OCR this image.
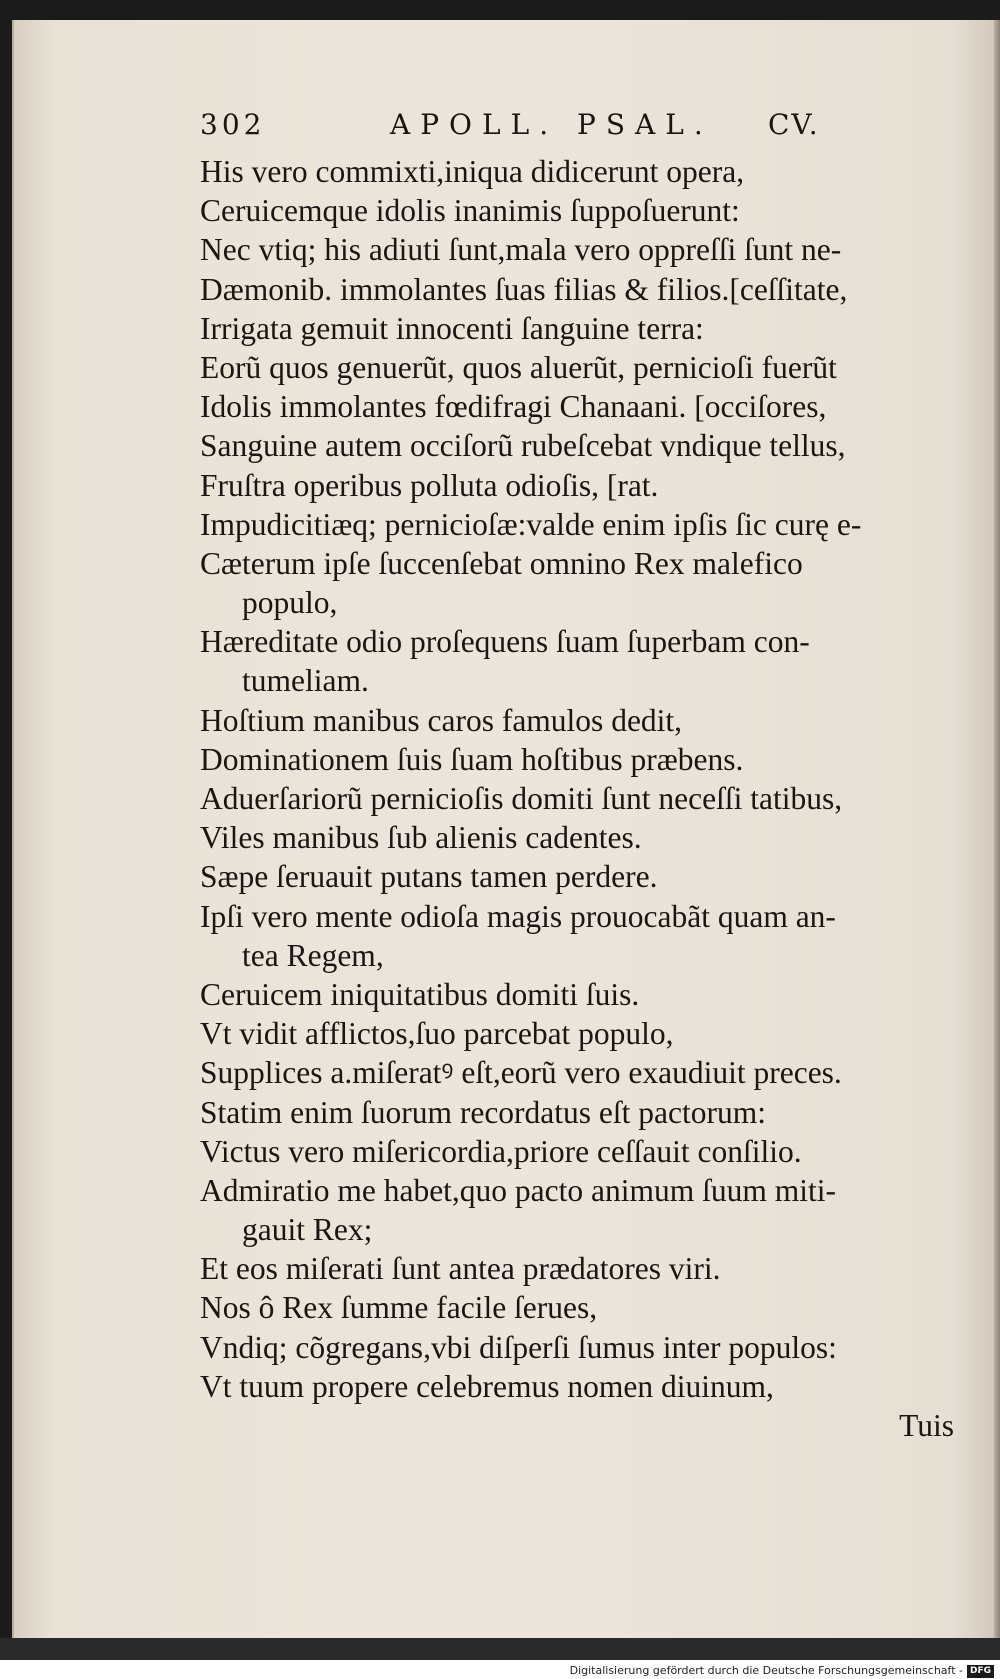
302	APOLL. PSAL. CV.
His vero commixti,iniqua didicerunt opera,
Ceruicemque idolis inanimis ſuppoſuerunt:
Nec vtiq; his adiuti ſunt,mala vero oppreſſi ſunt ne-
Dæmonib. immolantes ſuas filias & filios.[ceſſitate,
Irrigata gemuit innocenti ſanguine terra:
Eorũ quos genuerũt, quos aluerũt, pernicioſi fuerũt
Idolis immolantes fœdifragi Chanaani. [occiſores,
Sanguine autem occiſorũ rubeſcebat vndique tellus,
Fruſtra operibus polluta odioſis, [rat.
Impudicitiæq; pernicioſæ:valde enim ipſis ſic curę e-
Cæterum ipſe ſuccenſebat omnino Rex malefico
populo,
Hæreditate odio proſequens ſuam ſuperbam con-
tumeliam.
Hoſtium manibus caros famulos dedit,
Dominationem ſuis ſuam hoſtibus præbens.
Aduerſariorũ pernicioſis domiti ſunt neceſſi tatibus,
Viles manibus ſub alienis cadentes.
Sæpe ſeruauit putans tamen perdere.
Ipſi vero mente odioſa magis prouocabãt quam an-
tea Regem,
Ceruicem iniquitatibus domiti ſuis.
Vt vidit afflictos,ſuo parcebat populo,
Supplices a.miſeratꝰ eſt,eorũ vero exaudiuit preces.
Statim enim ſuorum recordatus eſt pactorum:
Victus vero miſericordia,priore ceſſauit conſilio.
Admiratio me habet,quo pacto animum ſuum miti-
gauit Rex;
Et eos miſerati ſunt antea prædatores viri.
Nos ô Rex ſumme facile ſerues,
Vndiq; cõgregans,vbi diſperſi ſumus inter populos:
Vt tuum propere celebremus nomen diuinum,
Tuis
Digitalisierung gefördert durch die Deutsche Forschungsgemeinschaft - DFG
